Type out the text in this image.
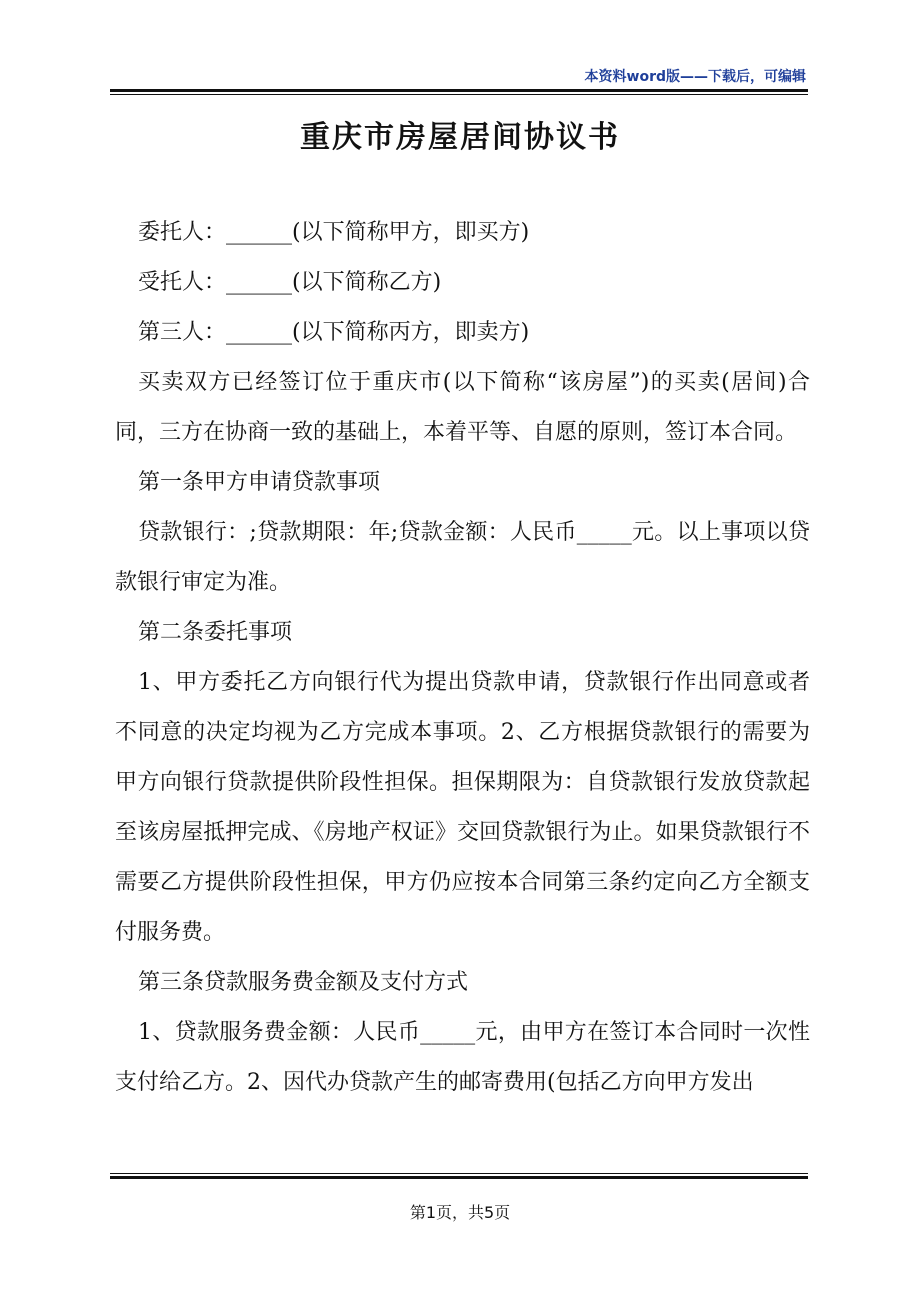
本资料word版——下载后，可编辑
重庆市房屋居间协议书

委托人：______(以下简称甲方，即买方)

受托人：______(以下简称乙方)

第三人：______(以下简称丙方，即卖方)

买卖双方已经签订位于重庆市(以下简称“该房屋”)的买卖(居间)合同，三方在协商一致的基础上，本着平等、自愿的原则，签订本合同。

第一条甲方申请贷款事项

贷款银行：;贷款期限：年;贷款金额：人民币_____元。以上事项以贷款银行审定为准。

第二条委托事项

1、甲方委托乙方向银行代为提出贷款申请，贷款银行作出同意或者不同意的决定均视为乙方完成本事项。2、乙方根据贷款银行的需要为甲方向银行贷款提供阶段性担保。担保期限为：自贷款银行发放贷款起至该房屋抵押完成、《房地产权证》交回贷款银行为止。如果贷款银行不需要乙方提供阶段性担保，甲方仍应按本合同第三条约定向乙方全额支付服务费。

第三条贷款服务费金额及支付方式

1、贷款服务费金额：人民币_____元，由甲方在签订本合同时一次性支付给乙方。2、因代办贷款产生的邮寄费用(包括乙方向甲方发出

第1页，共5页
